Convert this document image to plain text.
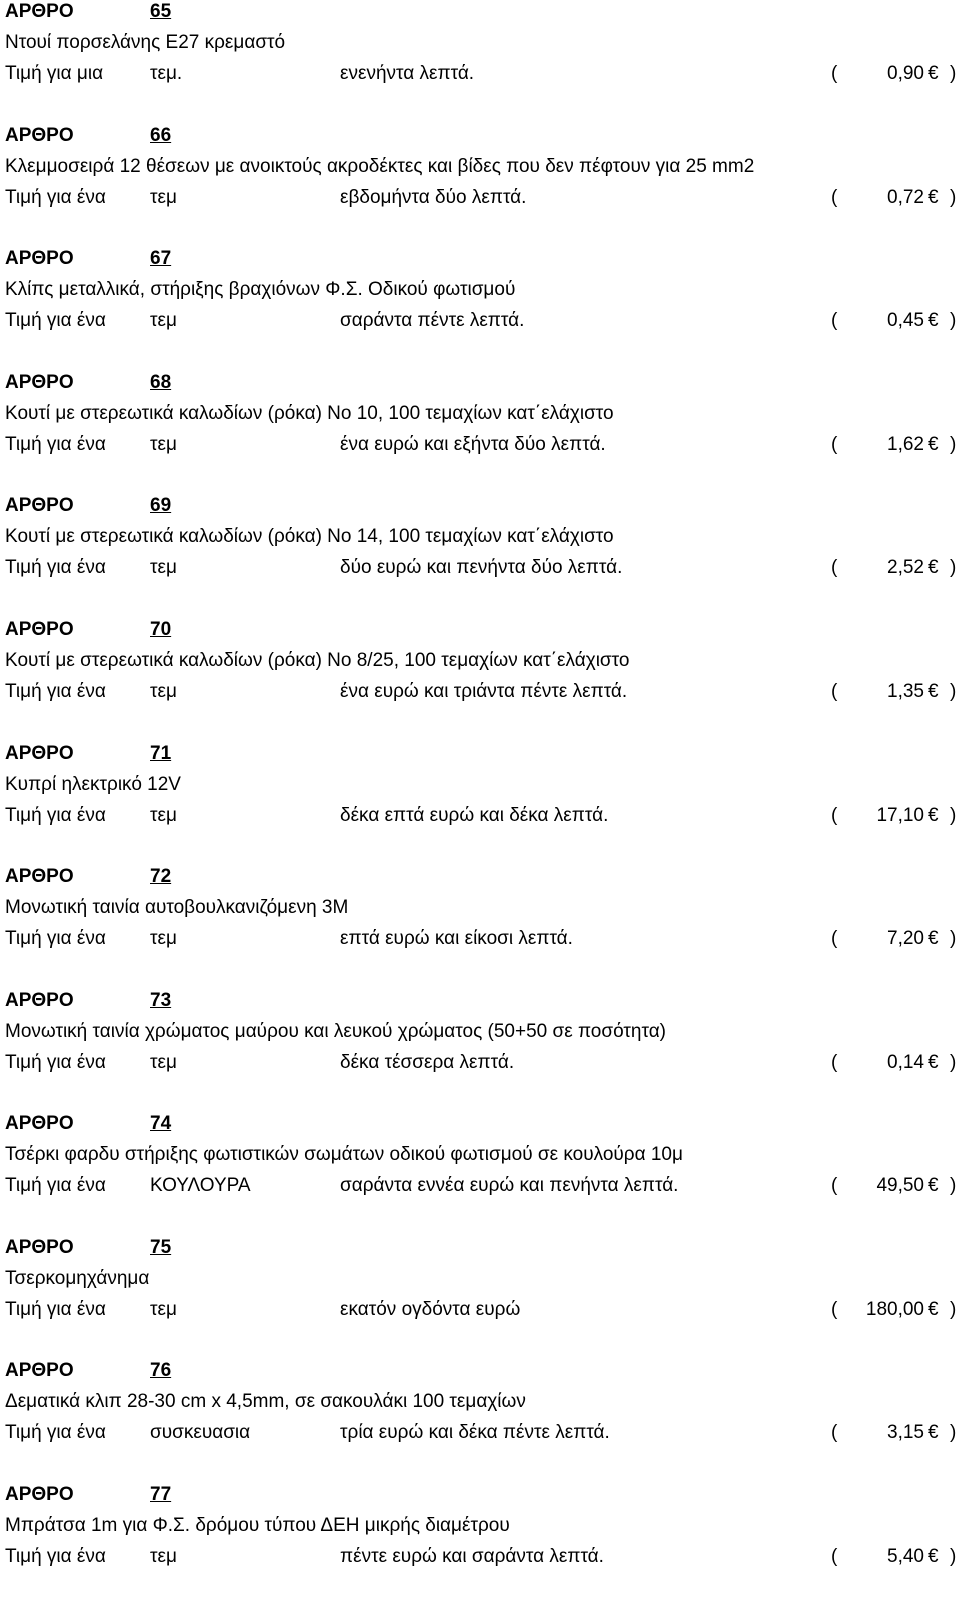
ΑΡΘΡΟ	65
Ντουί πορσελάνης Ε27 κρεμαστό
Τιμή για μια τεμ.	ενενήντα λεπτά.	(	0,90 € )
ΑΡΘΡΟ	66
Κλεμμοσειρά 12 θέσεων με ανοικτούς ακροδέκτες και βίδες που δεν πέφτουν για 25 mm2
Τιμή για ένα τεμ	εβδομήντα δύο λεπτά.	(	0,72 € )
ΑΡΘΡΟ	67
Κλίπς μεταλλικά, στήριξης βραχιόνων Φ.Σ. Οδικού φωτισμού
Τιμή για ένα τεμ	σαράντα πέντε λεπτά.	(	0,45 € )
ΑΡΘΡΟ	68
Κουτί με στερεωτικά καλωδίων (ρόκα) Νο 10, 100 τεμαχίων κατ΄ελάχιστο
Τιμή για ένα τεμ	ένα ευρώ και εξήντα δύο λεπτά.	(	1,62 € )
ΑΡΘΡΟ	69
Κουτί με στερεωτικά καλωδίων (ρόκα) Νο 14, 100 τεμαχίων κατ΄ελάχιστο
Τιμή για ένα τεμ	δύο ευρώ και πενήντα δύο λεπτά.	(	2,52 € )
ΑΡΘΡΟ	70
Κουτί με στερεωτικά καλωδίων (ρόκα) Νο 8/25, 100 τεμαχίων κατ΄ελάχιστο
Τιμή για ένα τεμ	ένα ευρώ και τριάντα πέντε λεπτά.	(	1,35 € )
ΑΡΘΡΟ	71
Κυπρί ηλεκτρικό 12V
Τιμή για ένα τεμ	δέκα επτά ευρώ και δέκα λεπτά.	( 17,10 € )
ΑΡΘΡΟ	72
Μονωτική ταινία αυτοβουλκανιζόμενη 3Μ
Τιμή για ένα τεμ	επτά ευρώ και είκοσι λεπτά.	(	7,20 € )
ΑΡΘΡΟ	73
Μονωτική ταινία χρώματος μαύρου και λευκού χρώματος (50+50 σε ποσότητα)
Τιμή για ένα τεμ	δέκα τέσσερα λεπτά.	(	0,14 € )
ΑΡΘΡΟ	74
Τσέρκι φαρδυ στήριξης φωτιστικών σωμάτων οδικού φωτισμού σε κουλούρα 10μ
Τιμή για ένα ΚΟΥΛΟΥΡΑ	σαράντα εννέα ευρώ και πενήντα λεπτά.	( 49,50 € )
ΑΡΘΡΟ	75
Τσερκομηχάνημα
Τιμή για ένα τεμ	εκατόν ογδόντα ευρώ	( 180,00 € )
ΑΡΘΡΟ	76
Δεματικά κλιπ 28-30 cm x 4,5mm, σε σακουλάκι 100 τεμαχίων
Τιμή για ένα συσκευασια	τρία ευρώ και δέκα πέντε λεπτά.	(	3,15 € )
ΑΡΘΡΟ	77
Μπράτσα 1m για Φ.Σ. δρόμου τύπου ΔΕΗ μικρής διαμέτρου
Τιμή για ένα τεμ	πέντε ευρώ και σαράντα λεπτά.	(	5,40 € )
